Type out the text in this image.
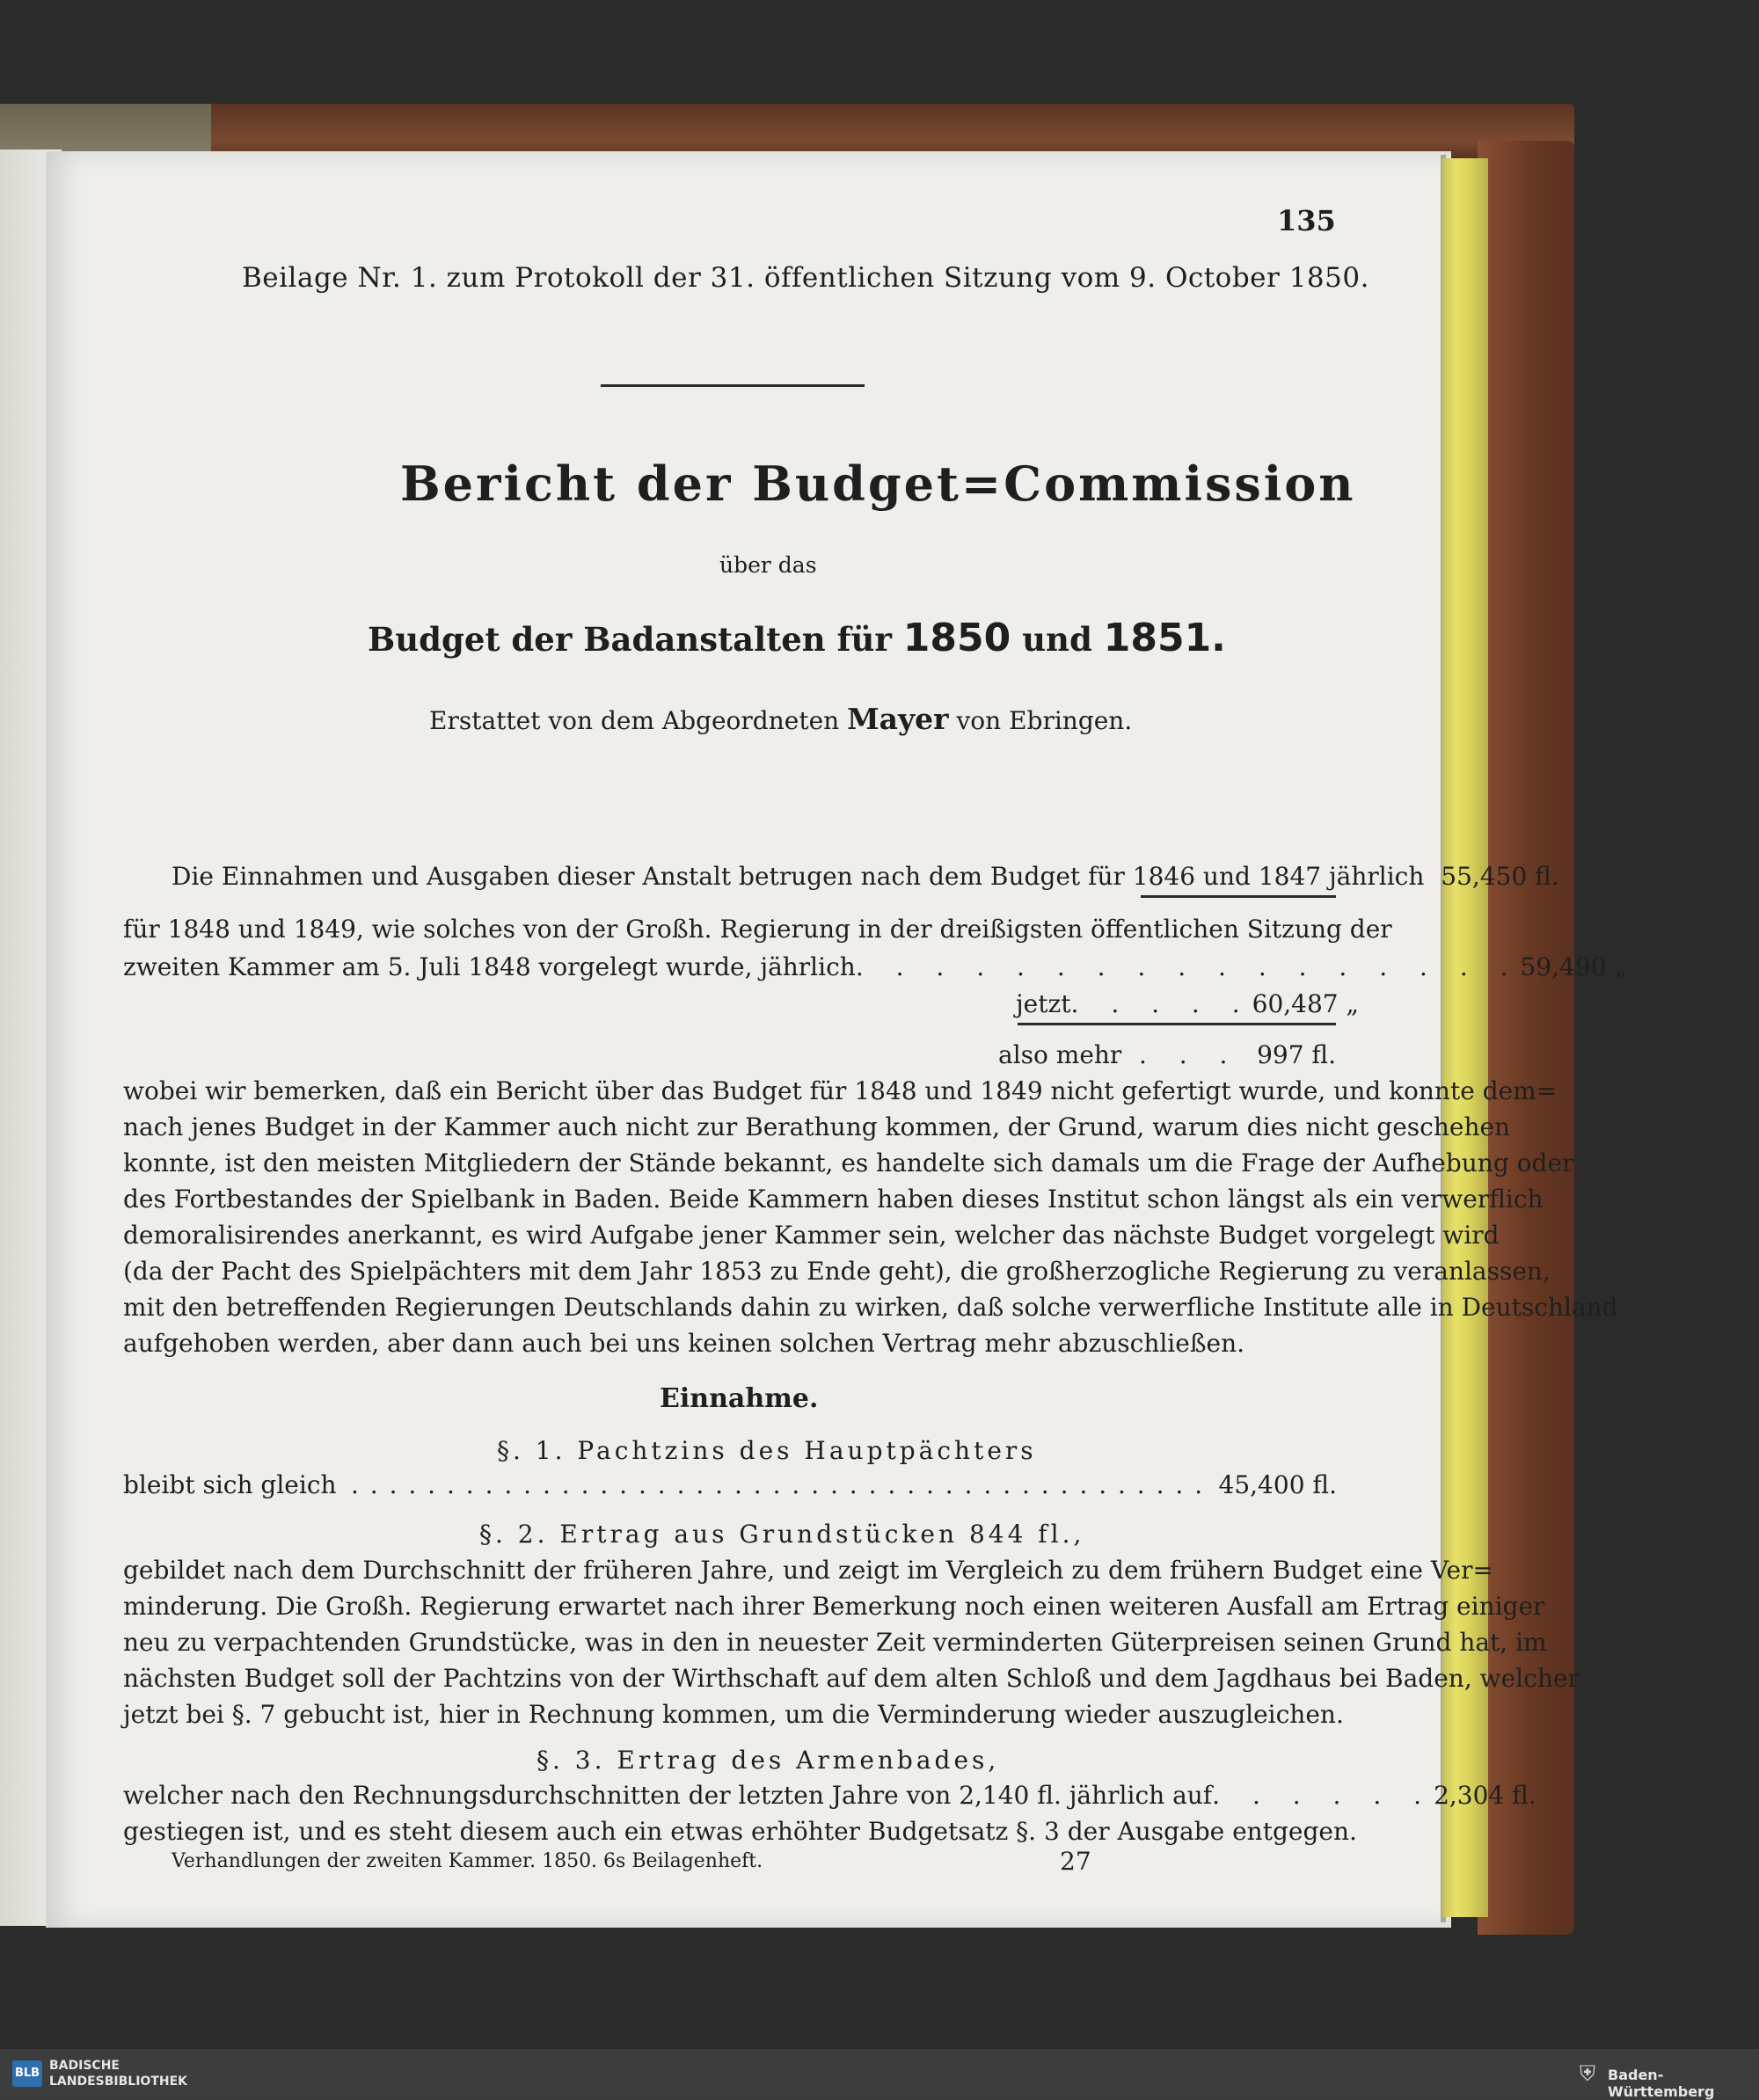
135
Beilage Nr. 1. zum Protokoll der 31. öffentlichen Sitzung vom 9. October 1850.
Bericht der Budget=Commission
über das
Budget der Badanstalten für 1850 und 1851.
Erstattet von dem Abgeordneten Mayer von Ebringen.
Die Einnahmen und Ausgaben dieser Anstalt betrugen nach dem Budget für 1846 und 1847 jährlich 55,450 fl.
für 1848 und 1849, wie solches von der Großh. Regierung in der dreißigsten öffentlichen Sitzung der
zweiten Kammer am 5. Juli 1848 vorgelegt wurde, jährlich . . . . . . . . . . . . . . . . . 59,490 „
jetzt . . . . . 60,487 „
also mehr . . . 997 fl.
wobei wir bemerken, daß ein Bericht über das Budget für 1848 und 1849 nicht gefertigt wurde, und konnte dem=
nach jenes Budget in der Kammer auch nicht zur Berathung kommen, der Grund, warum dies nicht geschehen
konnte, ist den meisten Mitgliedern der Stände bekannt, es handelte sich damals um die Frage der Aufhebung oder
des Fortbestandes der Spielbank in Baden. Beide Kammern haben dieses Institut schon längst als ein verwerflich
demoralisirendes anerkannt, es wird Aufgabe jener Kammer sein, welcher das nächste Budget vorgelegt wird
(da der Pacht des Spielpächters mit dem Jahr 1853 zu Ende geht), die großherzogliche Regierung zu veranlassen,
mit den betreffenden Regierungen Deutschlands dahin zu wirken, daß solche verwerfliche Institute alle in Deutschland
aufgehoben werden, aber dann auch bei uns keinen solchen Vertrag mehr abzuschließen.
Einnahme.
§. 1. Pachtzins des Hauptpächters
bleibt sich gleich . . . . . . . . . . . . . . . . . . . . . . . . . . . . . . . . . . . . . . . . . . . . . 45,400 fl.
§. 2. Ertrag aus Grundstücken 844 fl.,
gebildet nach dem Durchschnitt der früheren Jahre, und zeigt im Vergleich zu dem frühern Budget eine Ver=
minderung. Die Großh. Regierung erwartet nach ihrer Bemerkung noch einen weiteren Ausfall am Ertrag einiger
neu zu verpachtenden Grundstücke, was in den in neuester Zeit verminderten Güterpreisen seinen Grund hat, im
nächsten Budget soll der Pachtzins von der Wirthschaft auf dem alten Schloß und dem Jagdhaus bei Baden, welcher
jetzt bei §. 7 gebucht ist, hier in Rechnung kommen, um die Verminderung wieder auszugleichen.
§. 3. Ertrag des Armenbades,
welcher nach den Rechnungsdurchschnitten der letzten Jahre von 2,140 fl. jährlich auf . . . . . . 2,304 fl.
gestiegen ist, und es steht diesem auch ein etwas erhöhter Budgetsatz §. 3 der Ausgabe entgegen.
Verhandlungen der zweiten Kammer. 1850. 6s Beilagenheft.	27
BLB
BADISCHE
LANDESBIBLIOTHEK	⛨ Baden-Württemberg
